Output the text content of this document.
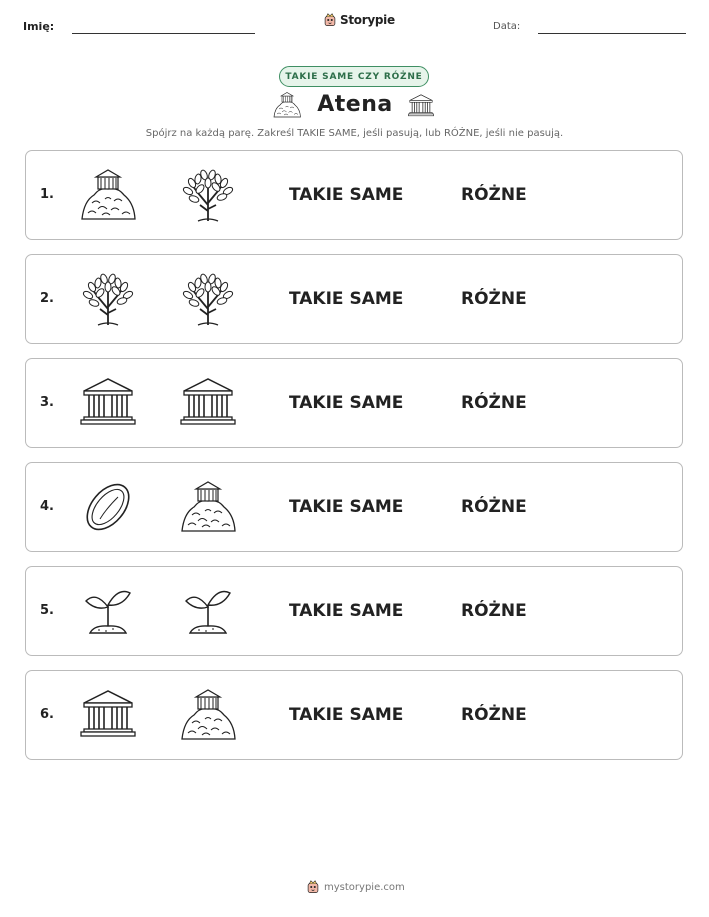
Imię:	Storypie	Data:
TAKIE SAME CZY RÓŻNE
Atena
Spójrz na każdą parę. Zakreśl TAKIE SAME, jeśli pasują, lub RÓŻNE, jeśli nie pasują.
1.	TAKIE SAME	RÓŻNE
2.	TAKIE SAME	RÓŻNE
3.	TAKIE SAME	RÓŻNE
4.	TAKIE SAME	RÓŻNE
5.	TAKIE SAME	RÓŻNE
6.	TAKIE SAME	RÓŻNE
mystorypie.com
